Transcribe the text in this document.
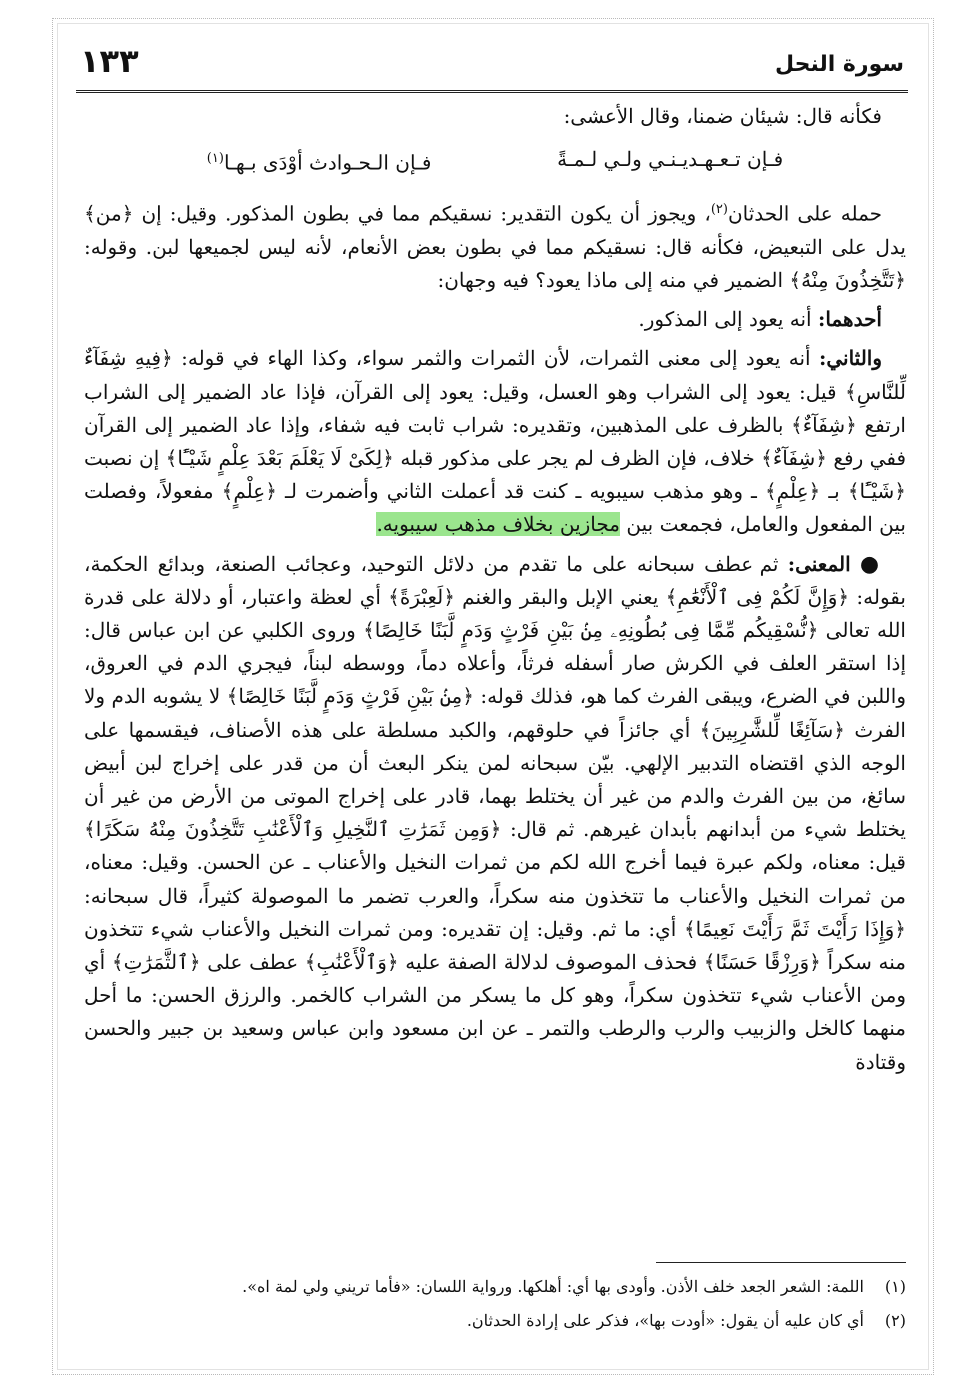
سورة النحل
١٣٣

فكأنه قال: شيئان ضمنا، وقال الأعشى:

فـإن تـعـهـديـنـي ولـي لـمـةً
فـإن الـحـوادث أوْدَى بـهـا$^{(١)}$

حمله على الحدثان$^{(٢)}$، ويجوز أن يكون التقدير: نسقيكم مما في بطون المذكور. وقيل: إن ﴿من﴾ يدل على التبعيض، فكأنه قال: نسقيكم مما في بطون بعض الأنعام، لأنه ليس لجميعها لبن. وقوله: ﴿تَتَّخِذُونَ مِنْهُ﴾ الضمير في منه إلى ماذا يعود؟ فيه وجهان:

أحدهما: أنه يعود إلى المذكور.

والثاني: أنه يعود إلى معنى الثمرات، لأن الثمرات والثمر سواء، وكذا الهاء في قوله: ﴿فِيهِ شِفَآءٌ لِّلنَّاسِ﴾ قيل: يعود إلى الشراب وهو العسل، وقيل: يعود إلى القرآن، فإذا عاد الضمير إلى الشراب ارتفع ﴿شِفَآءٌ﴾ بالظرف على المذهبين، وتقديره: شراب ثابت فيه شفاء، وإذا عاد الضمير إلى القرآن ففي رفع ﴿شِفَآءٌ﴾ خلاف، فإن الظرف لم يجر على مذكور قبله ﴿لِكَىْ لَا يَعْلَمَ بَعْدَ عِلْمٍ شَيْـًٔا﴾ إن نصبت ﴿شَيْـًٔا﴾ بـ ﴿عِلْمٍ﴾ ـ وهو مذهب سيبويه ـ كنت قد أعملت الثاني وأضمرت لـ ﴿عِلْمٍ﴾ مفعولاً، وفصلت بين المفعول والعامل، فجمعت بين مجازين بخلاف مذهب سيبويه.

● المعنى: ثم عطف سبحانه على ما تقدم من دلائل التوحيد، وعجائب الصنعة، وبدائع الحكمة، بقوله: ﴿وَإِنَّ لَكُمْ فِى ٱلْأَنْعَٰمِ﴾ يعني الإبل والبقر والغنم ﴿لَعِبْرَةً﴾ أي لعظة واعتبار، أو دلالة على قدرة الله تعالى ﴿نُّسْقِيكُم مِّمَّا فِى بُطُونِهِۦ مِنۢ بَيْنِ فَرْثٍ وَدَمٍ لَّبَنًا خَالِصًا﴾ وروى الكلبي عن ابن عباس قال: إذا استقر العلف في الكرش صار أسفله فرثاً، وأعلاه دماً، ووسطه لبناً، فيجري الدم في العروق، واللبن في الضرع، ويبقى الفرث كما هو، فذلك قوله: ﴿مِنۢ بَيْنِ فَرْثٍ وَدَمٍ لَّبَنًا خَالِصًا﴾ لا يشوبه الدم ولا الفرث ﴿سَآئِغًا لِّلشَّٰرِبِينَ﴾ أي جائزاً في حلوقهم، والكبد مسلطة على هذه الأصناف، فيقسمها على الوجه الذي اقتضاه التدبير الإلهي. بيّن سبحانه لمن ينكر البعث أن من قدر على إخراج لبن أبيض سائغ، من بين الفرث والدم من غير أن يختلط بهما، قادر على إخراج الموتى من الأرض من غير أن يختلط شيء من أبدانهم بأبدان غيرهم. ثم قال: ﴿وَمِن ثَمَرَٰتِ ٱلنَّخِيلِ وَٱلْأَعْنَٰبِ تَتَّخِذُونَ مِنْهُ سَكَرًا﴾ قيل: معناه، ولكم عبرة فيما أخرج الله لكم من ثمرات النخيل والأعناب ـ عن الحسن. وقيل: معناه، من ثمرات النخيل والأعناب ما تتخذون منه سكراً، والعرب تضمر ما الموصولة كثيراً، قال سبحانه: ﴿وَإِذَا رَأَيْتَ ثَمَّ رَأَيْتَ نَعِيمًا﴾ أي: ما ثم. وقيل: إن تقديره: ومن ثمرات النخيل والأعناب شيء تتخذون منه سكراً ﴿وَرِزْقًا حَسَنًا﴾ فحذف الموصوف لدلالة الصفة عليه ﴿وَٱلْأَعْنَٰبِ﴾ عطف على ﴿ٱلثَّمَرَٰتِ﴾ أي ومن الأعناب شيء تتخذون سكراً، وهو كل ما يسكر من الشراب كالخمر. والرزق الحسن: ما أحل منهما كالخل والزبيب والرب والرطب والتمر ـ عن ابن مسعود وابن عباس وسعيد بن جبير والحسن وقتادة

(١)
اللمة: الشعر الجعد خلف الأذن. وأودى بها أي: أهلكها. ورواية اللسان: «فأما تريني ولي لمة اه».
(٢)
أي كان عليه أن يقول: «أودت بها»، فذكر على إرادة الحدثان.
